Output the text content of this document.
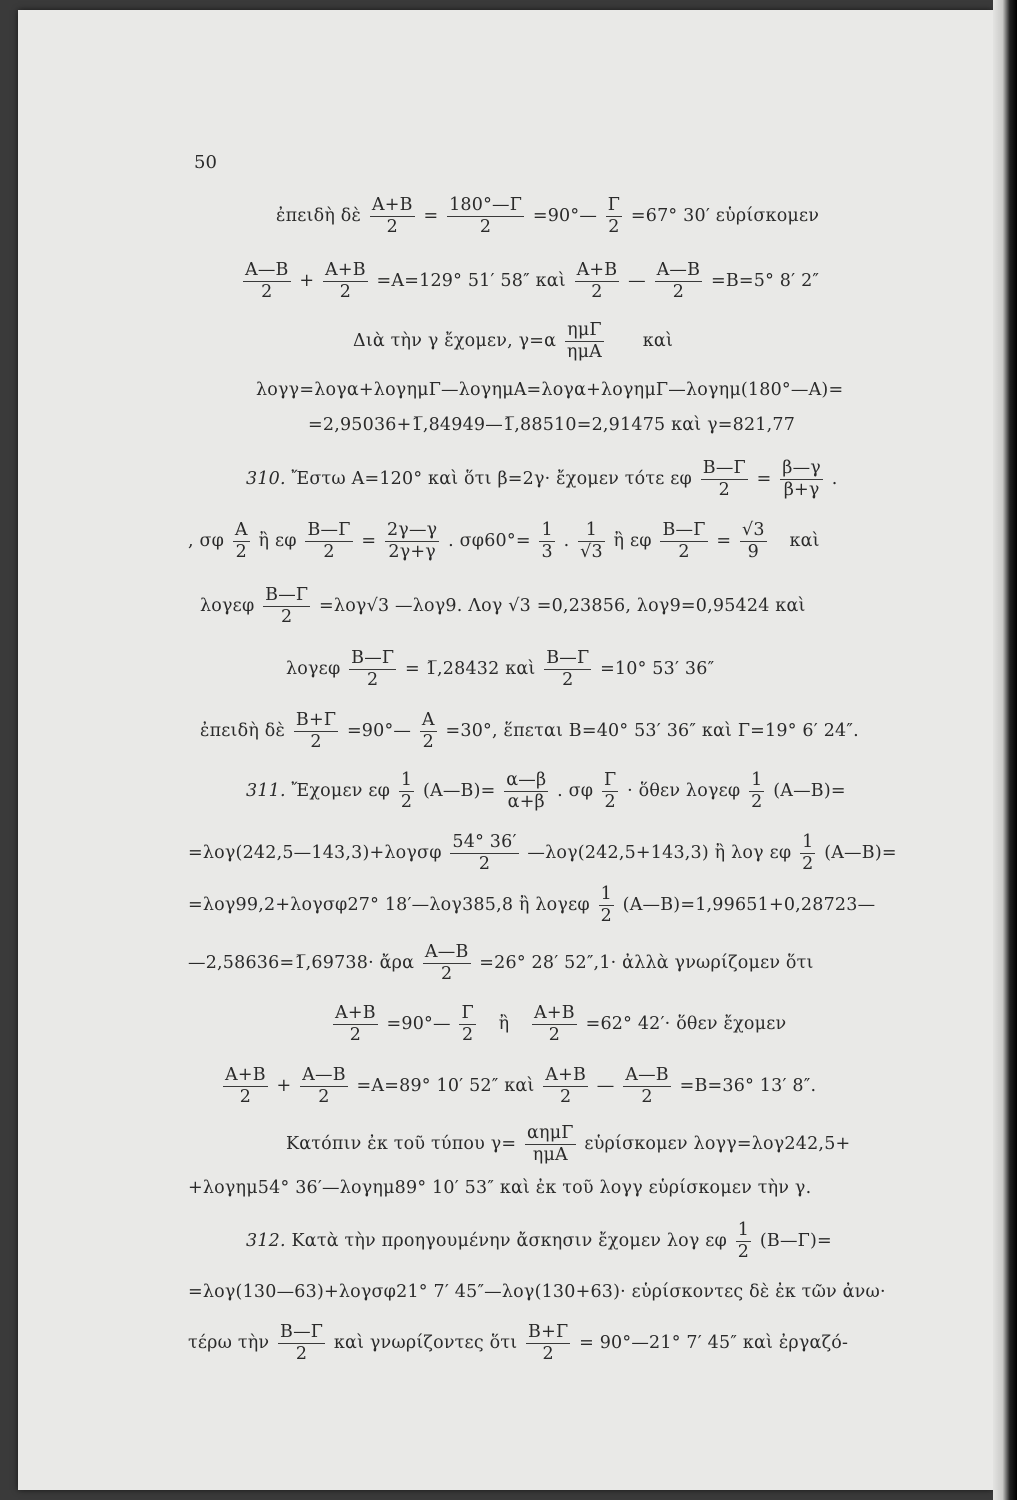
50
ἐπειδὴ δὲ $\frac{A+B}{2} = \frac{180^\circ—\Gamma}{2}$ =90°— $\frac{\Gamma}{2} =67^\circ$ 30′ εὑρίσκομεν
$\frac{A—B}{2} + \frac{A+B}{2} =A=129^\circ$ 51′ 58″ καὶ $\frac{A+B}{2}$ — $\frac{A—B}{2} =B=5^\circ$ 8′ 2″
Διὰ τὴν γ ἔχομεν, γ=α
ημΓ
ημA
καὶ
λογγ=λογα+λογημΓ—λογημA=λογα+λογημΓ—λογημ(180°—A)=
=2,95036+1̅,84949—1̅,88510=2,91475 καὶ γ=821,77
310. Ἔστω A=120° καὶ ὅτι β=2γ· ἔχομεν τότε εφ $\frac{B—\Gamma}{2} = \frac{\beta—\gamma}{\beta+\gamma}$ .
, σφ $\frac{A}{2}$ ἢ εφ $\frac{B—\Gamma}{2} = \frac{2\gamma—\gamma}{2\gamma+\gamma}$ . $\sigma\varphi 60^\circ= \frac{1}{3}$ . $\frac{1}{√3}$ ἢ εφ $\frac{B—\Gamma}{2} = \frac{√3}{9}$ καὶ
λογεφ $\frac{B—\Gamma}{2} =\lambda o\gamma√3$ —λογ9. Λογ √3 =0,23856, λογ9=0,95424 καὶ
λογεφ $\frac{B—\Gamma}{2}$ = 1̅,28432 καὶ $\frac{B—\Gamma}{2} =10^\circ$ 53′ 36″
ἐπειδὴ δὲ $\frac{B+\Gamma}{2}$ =90°— $\frac{A}{2} =30^\circ$, ἕπεται B=40° 53′ 36″ καὶ Γ=19° 6′ 24″.
311. Ἔχομεν εφ $\frac{1}{2}$ (A—B)= $\frac{\alpha—\beta}{\alpha+\beta}$ . σφ $\frac{\Gamma}{2}$ · ὅθεν λογεφ $\frac{1}{2}$ (A—B)=
=λογ(242,5—143,3)+λογσφ $\frac{54^\circ 36'}{2}$ —λογ(242,5+143,3) ἢ λογ εφ $\frac{1}{2}$ (A—B)=
=λογ99,2+λογσφ27° 18′—λογ385,8 ἢ λογεφ $\frac{1}{2}$ (A—B)=1,99651+0,28723—
—2,58636=1̅,69738· ἄρα $\frac{A—B}{2} =26^\circ$ 28′ 52″,1· ἀλλὰ γνωρίζομεν ὅτι
$\frac{A+B}{2}$ =90°— $\frac{\Gamma}{2}$ ἢ $\frac{A+B}{2} =62^\circ$ 42′· ὅθεν ἔχομεν
$\frac{A+B}{2} + \frac{A—B}{2} =A=89^\circ$ 10′ 52″ καὶ $\frac{A+B}{2}$ — $\frac{A—B}{2} =B=36^\circ$ 13′ 8″.
Κατόπιν ἐκ τοῦ τύπου γ=
αημΓ
ημA
εὑρίσκομεν λογγ=λογ242,5+
+λογημ54° 36′—λογημ89° 10′ 53″ καὶ ἐκ τοῦ λογγ εὑρίσκομεν τὴν γ.
312. Κατὰ τὴν προηγουμένην ἄσκησιν ἔχομεν λογ εφ $\frac{1}{2}$ (B—Γ)=
=λογ(130—63)+λογσφ21° 7′ 45″—λογ(130+63)· εὑρίσκοντες δὲ ἐκ τῶν ἀνω·
τέρω τὴν $\frac{B—\Gamma}{2}$ καὶ γνωρίζοντες ὅτι $\frac{B+\Gamma}{2}$ = 90°—21° 7′ 45″ καὶ ἐργαζό-
